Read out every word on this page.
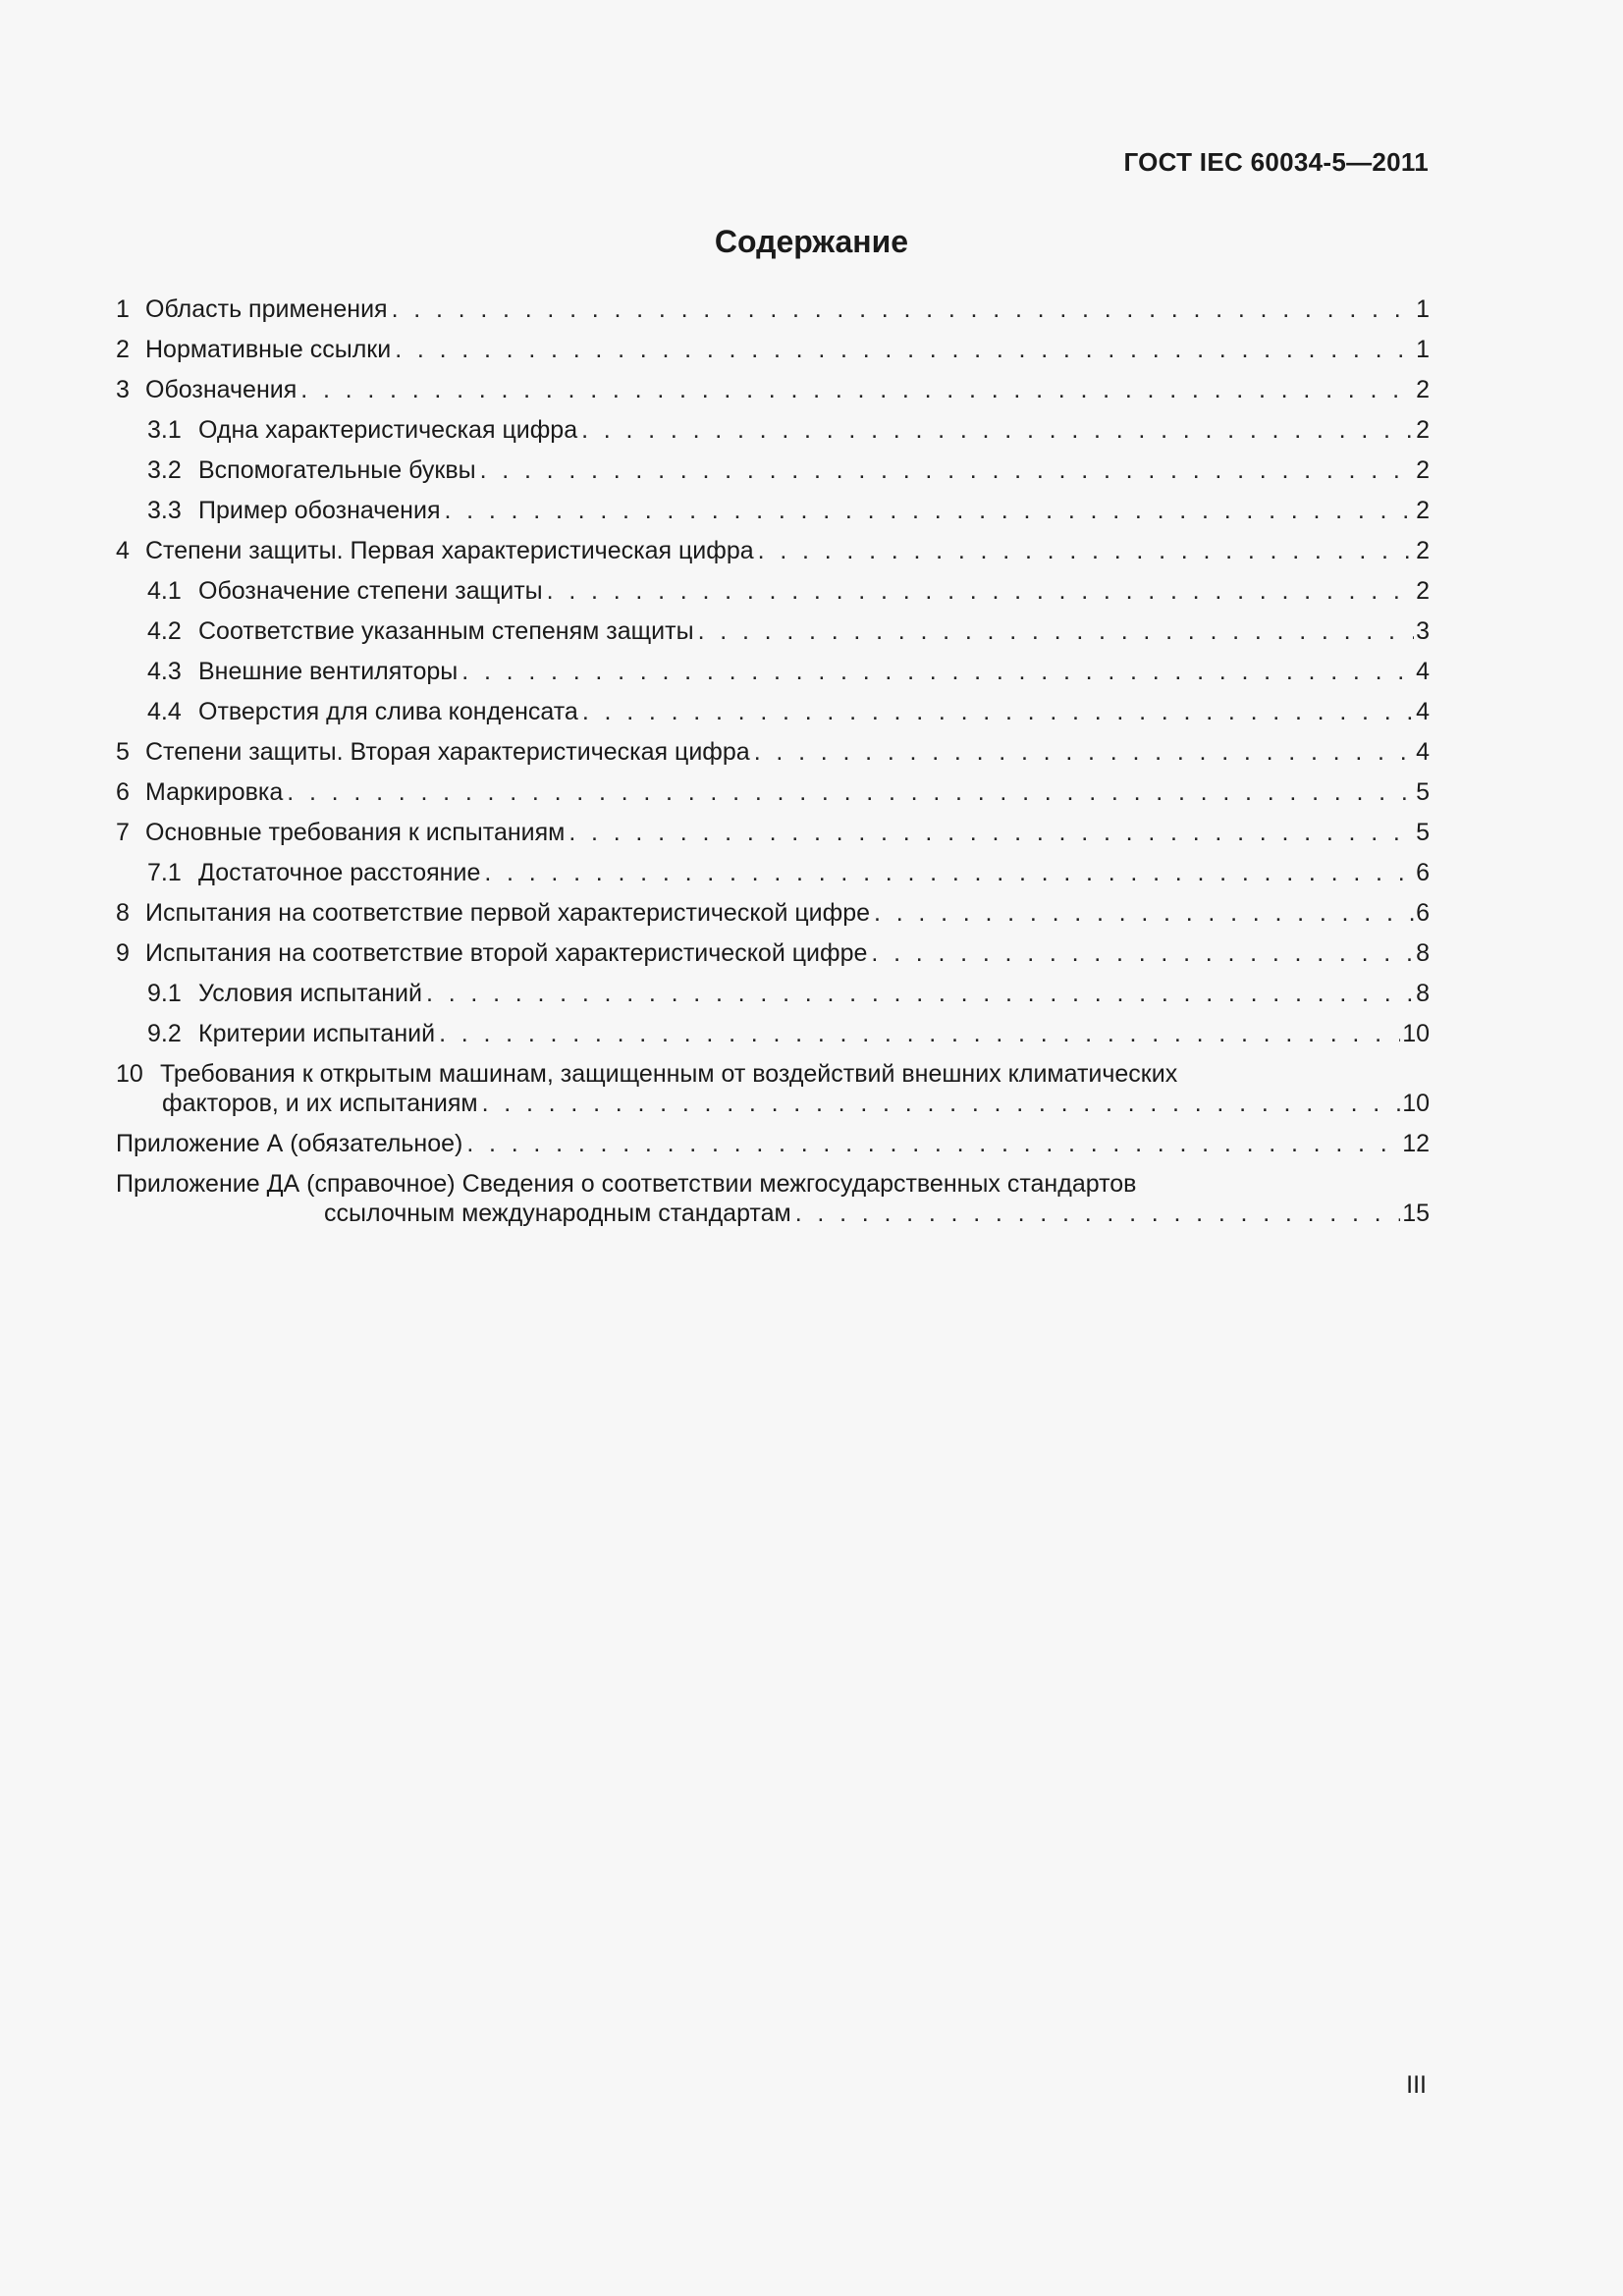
ГОСТ IEC 60034-5—2011
Содержание
1 Область применения . . .	1
2 Нормативные ссылки . . .	1
3 Обозначения . . .	2
3.1 Одна характеристическая цифра . . .	2
3.2 Вспомогательные буквы . . .	2
3.3 Пример обозначения . . .	2
4 Степени защиты. Первая характеристическая цифра . . .	2
4.1 Обозначение степени защиты . . .	2
4.2 Соответствие указанным степеням защиты . . .	3
4.3 Внешние вентиляторы . . .	4
4.4 Отверстия для слива конденсата . . .	4
5 Степени защиты. Вторая характеристическая цифра . . .	4
6 Маркировка . . .	5
7 Основные требования к испытаниям . . .	5
7.1 Достаточное расстояние . . .	6
8 Испытания на соответствие первой характеристической цифре . . .	6
9 Испытания на соответствие второй характеристической цифре . . .	8
9.1 Условия испытаний . . .	8
9.2 Критерии испытаний . . .	10
10 Требования к открытым машинам, защищенным от воздействий внешних климатических
факторов, и их испытаниям . . .	10
Приложение А (обязательное) . . .	12
Приложение ДА (справочное) Сведения о соответствии межгосударственных стандартов
ссылочным международным стандартам . . .	15
III
